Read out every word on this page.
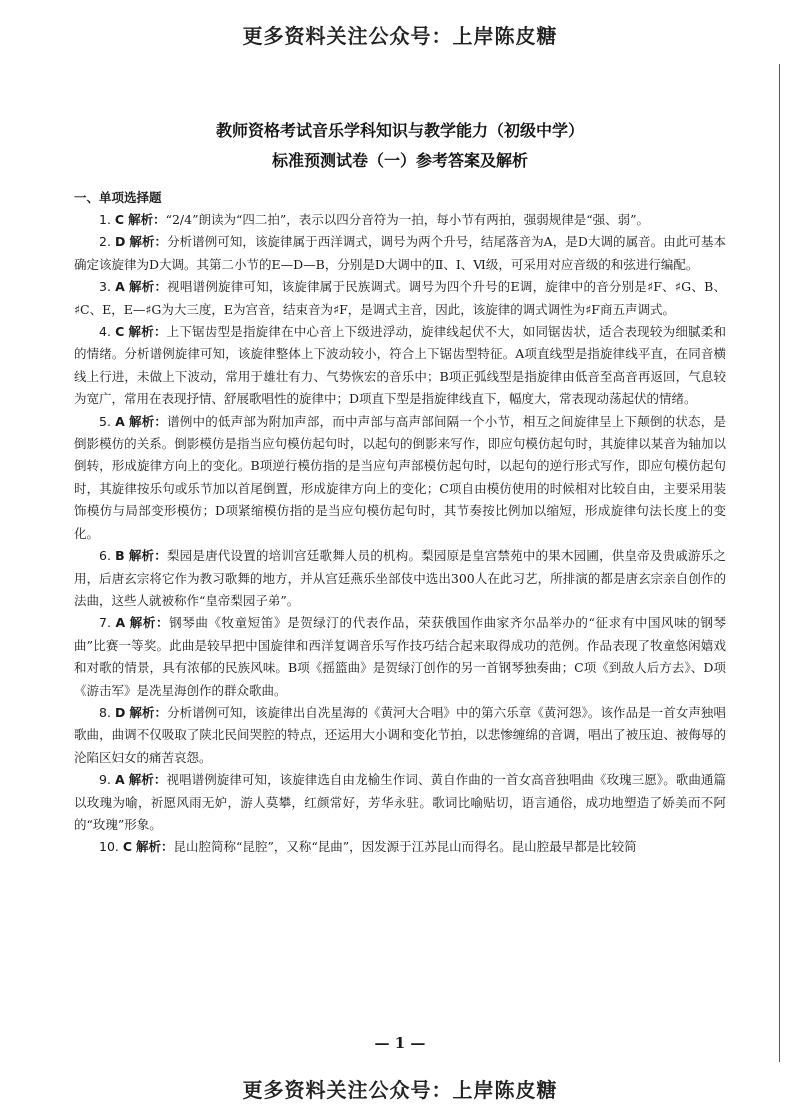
更多资料关注公众号：上岸陈皮糖
教师资格考试音乐学科知识与教学能力（初级中学）
标准预测试卷（一）参考答案及解析

一、单项选择题

1. C 解析：“2/4”朗读为“四二拍”，表示以四分音符为一拍，每小节有两拍，强弱规律是“强、弱”。

2. D 解析：分析谱例可知，该旋律属于西洋调式，调号为两个升号，结尾落音为A，是D大调的属音。由此可基本确定该旋律为D大调。其第二小节的E—D—B，分别是D大调中的Ⅱ、Ⅰ、Ⅵ级，可采用对应音级的和弦进行编配。

3. A 解析：视唱谱例旋律可知，该旋律属于民族调式。调号为四个升号的E调，旋律中的音分别是♯F、♯G、B、♯C、E，E—♯G为大三度，E为宫音，结束音为♯F，是调式主音，因此，该旋律的调式调性为♯F商五声调式。

4. C 解析：上下锯齿型是指旋律在中心音上下级进浮动，旋律线起伏不大，如同锯齿状，适合表现较为细腻柔和的情绪。分析谱例旋律可知，该旋律整体上下波动较小，符合上下锯齿型特征。A项直线型是指旋律线平直，在同音横线上行进，未做上下波动，常用于雄壮有力、气势恢宏的音乐中；B项正弧线型是指旋律由低音至高音再返回，气息较为宽广，常用在表现抒情、舒展歌唱性的旋律中；D项直下型是指旋律线直下，幅度大，常表现动荡起伏的情绪。

5. A 解析：谱例中的低声部为附加声部，而中声部与高声部间隔一个小节，相互之间旋律呈上下颠倒的状态，是倒影模仿的关系。倒影模仿是指当应句模仿起句时，以起句的倒影来写作，即应句模仿起句时，其旋律以某音为轴加以倒转，形成旋律方向上的变化。B项逆行模仿指的是当应句声部模仿起句时，以起句的逆行形式写作，即应句模仿起句时，其旋律按乐句或乐节加以首尾倒置，形成旋律方向上的变化；C项自由模仿使用的时候相对比较自由，主要采用装饰模仿与局部变形模仿；D项紧缩模仿指的是当应句模仿起句时，其节奏按比例加以缩短，形成旋律句法长度上的变化。

6. B 解析：梨园是唐代设置的培训宫廷歌舞人员的机构。梨园原是皇宫禁苑中的果木园圃，供皇帝及贵戚游乐之用，后唐玄宗将它作为教习歌舞的地方，并从宫廷燕乐坐部伎中选出300人在此习艺，所排演的都是唐玄宗亲自创作的法曲，这些人就被称作“皇帝梨园子弟”。

7. A 解析：钢琴曲《牧童短笛》是贺绿汀的代表作品，荣获俄国作曲家齐尔品举办的“征求有中国风味的钢琴曲”比赛一等奖。此曲是较早把中国旋律和西洋复调音乐写作技巧结合起来取得成功的范例。作品表现了牧童悠闲嬉戏和对歌的情景，具有浓郁的民族风味。B项《摇篮曲》是贺绿汀创作的另一首钢琴独奏曲；C项《到敌人后方去》、D项《游击军》是冼星海创作的群众歌曲。

8. D 解析：分析谱例可知，该旋律出自冼星海的《黄河大合唱》中的第六乐章《黄河怨》。该作品是一首女声独唱歌曲，曲调不仅吸取了陕北民间哭腔的特点，还运用大小调和变化节拍，以悲惨缠绵的音调，唱出了被压迫、被侮辱的沦陷区妇女的痛苦哀怨。

9. A 解析：视唱谱例旋律可知，该旋律选自由龙榆生作词、黄自作曲的一首女高音独唱曲《玫瑰三愿》。歌曲通篇以玫瑰为喻，祈愿风雨无妒，游人莫攀，红颜常好，芳华永驻。歌词比喻贴切，语言通俗，成功地塑造了娇美而不阿的“玫瑰”形象。

10. C 解析：昆山腔简称“昆腔”，又称“昆曲”，因发源于江苏昆山而得名。昆山腔最早都是比较简

— 1 —
更多资料关注公众号：上岸陈皮糖
